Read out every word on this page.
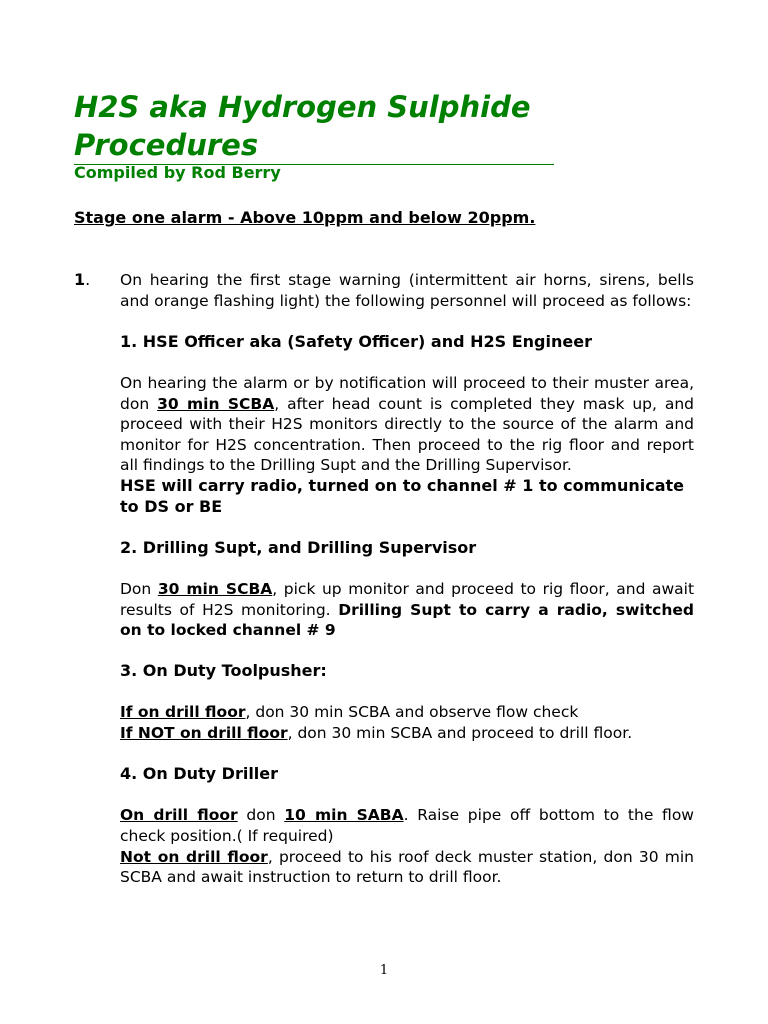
H2S aka Hydrogen Sulphide
Procedures
Compiled by Rod Berry
Stage one alarm - Above 10ppm and below 20ppm.
1. On hearing the first stage warning (intermittent air horns, sirens, bells and orange flashing light) the following personnel will proceed as follows:

1. HSE Officer aka (Safety Officer) and H2S Engineer

On hearing the alarm or by notification will proceed to their muster area, don 30 min SCBA, after head count is completed they mask up, and proceed with their H2S monitors directly to the source of the alarm and monitor for H2S concentration. Then proceed to the rig floor and report all findings to the Drilling Supt and the Drilling Supervisor.

HSE will carry radio, turned on to channel # 1 to communicate to DS or BE

2. Drilling Supt, and Drilling Supervisor

Don 30 min SCBA, pick up monitor and proceed to rig floor, and await results of H2S monitoring. Drilling Supt to carry a radio, switched on to locked channel # 9

3. On Duty Toolpusher:

If on drill floor, don 30 min SCBA and observe flow check

If NOT on drill floor, don 30 min SCBA and proceed to drill floor.

4. On Duty Driller

On drill floor don 10 min SABA. Raise pipe off bottom to the flow check position.( If required)

Not on drill floor, proceed to his roof deck muster station, don 30 min SCBA and await instruction to return to drill floor.

1
